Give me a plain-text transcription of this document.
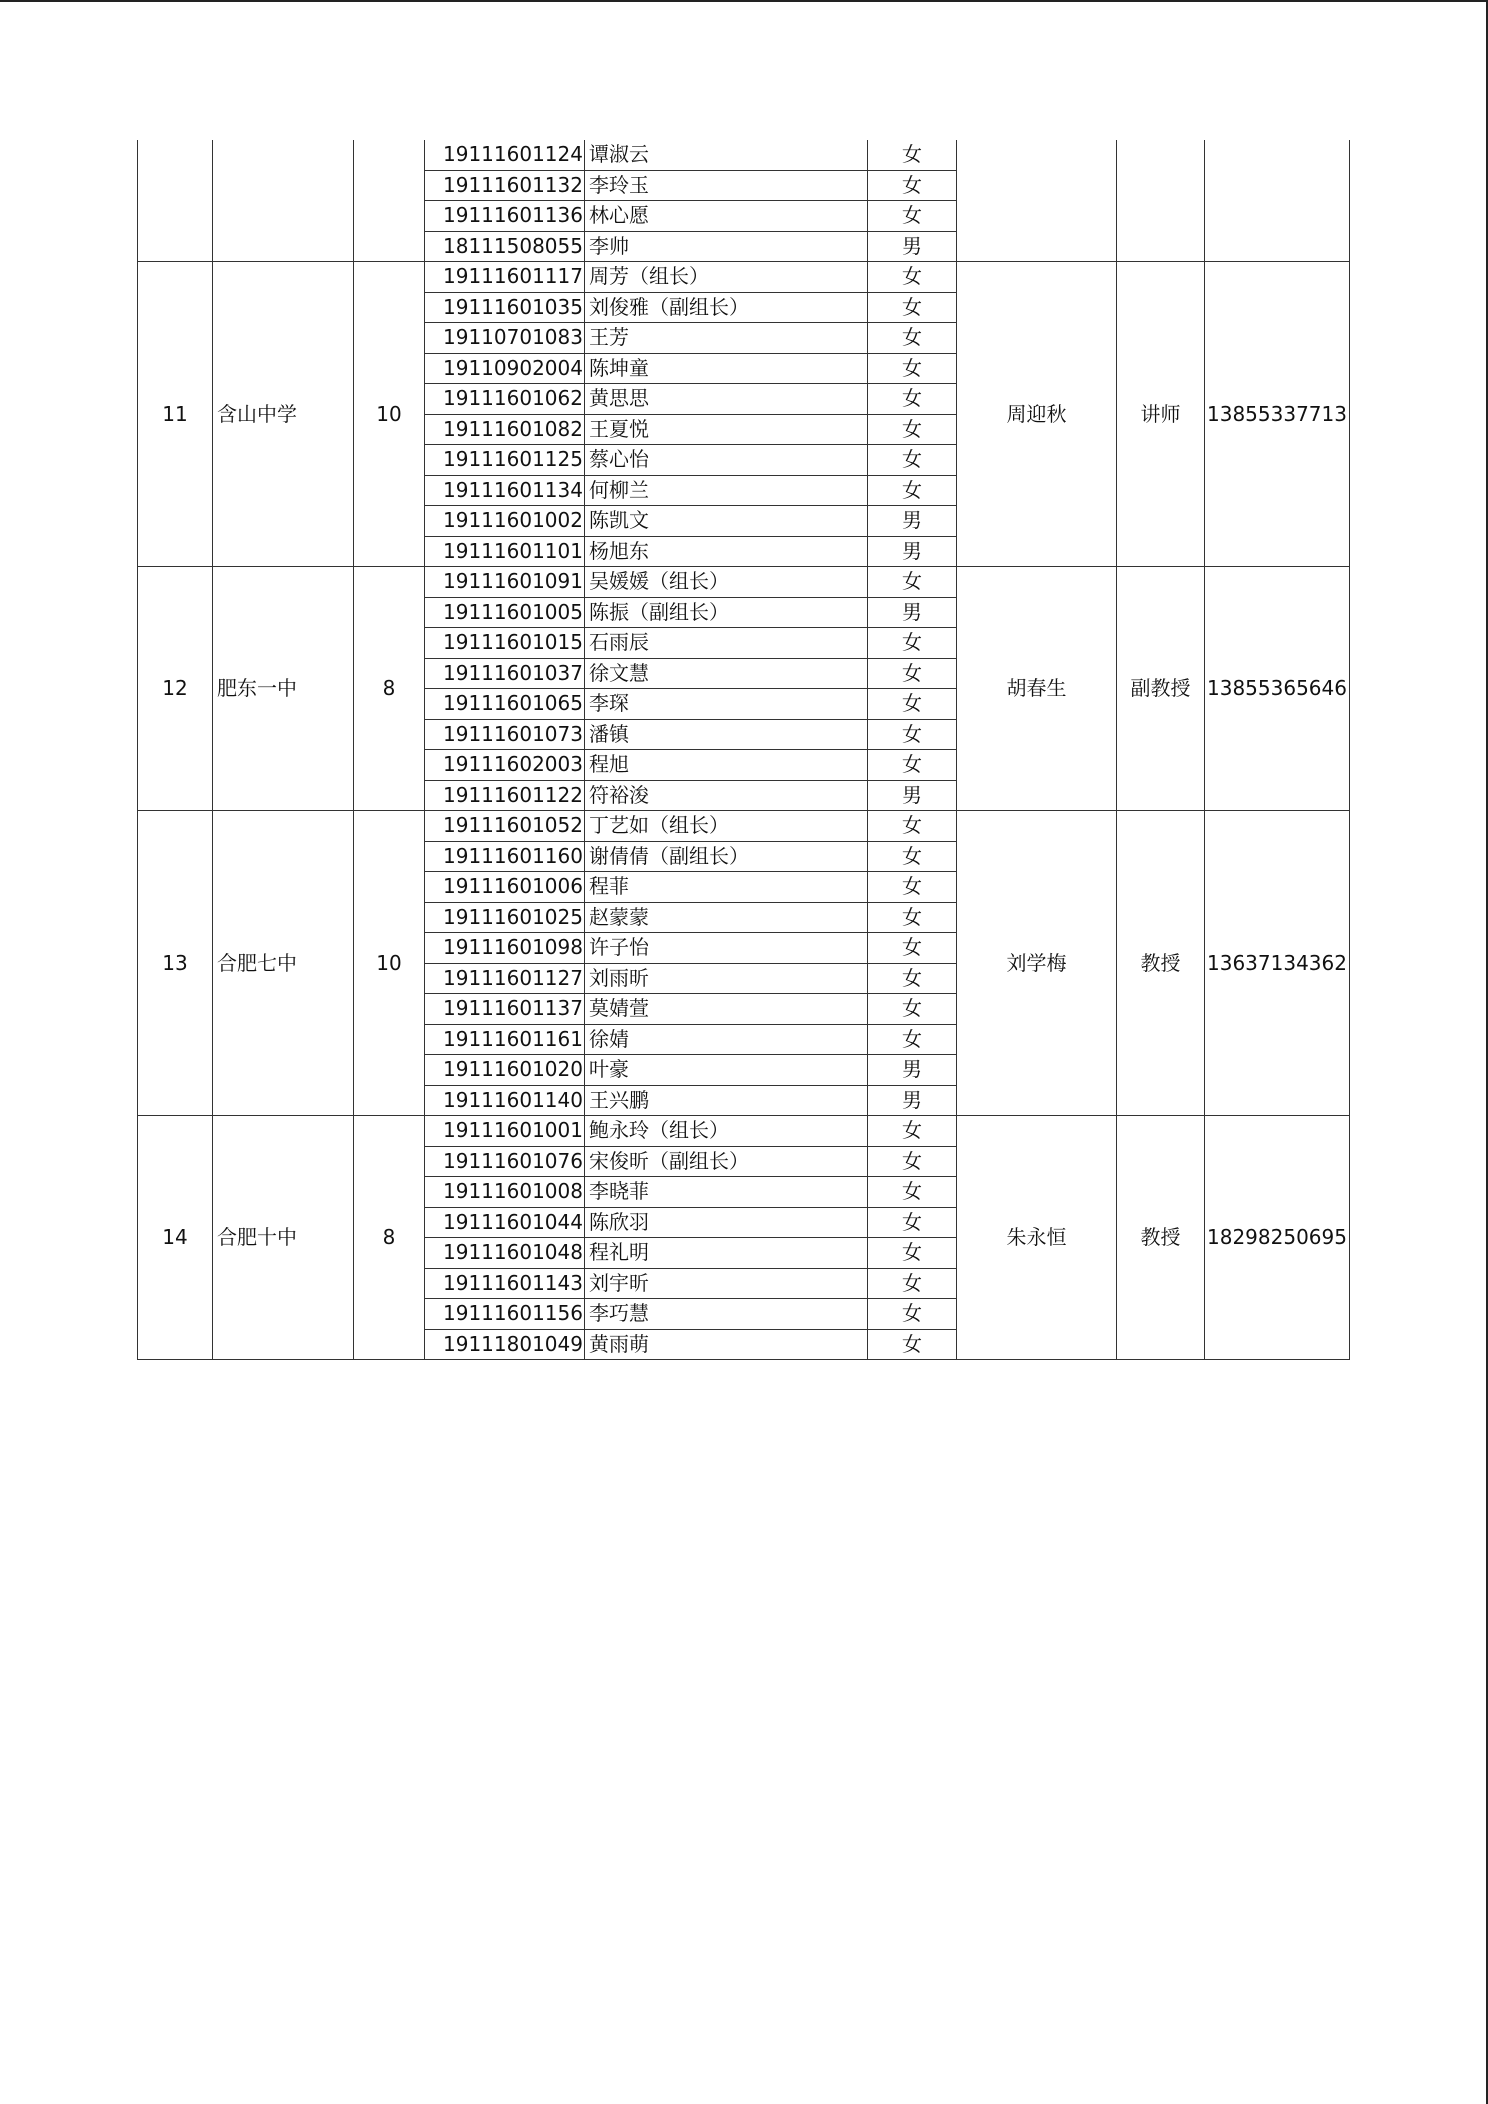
			19111601124	谭淑云	女			
			19111601132	李玲玉	女			
			19111601136	林心愿	女			
			18111508055	李帅	男			
11	含山中学	10	19111601117	周芳（组长）	女	周迎秋	讲师	13855337713
			19111601035	刘俊雅（副组长）	女			
			19110701083	王芳	女			
			19110902004	陈坤童	女			
			19111601062	黄思思	女			
			19111601082	王夏悦	女			
			19111601125	蔡心怡	女			
			19111601134	何柳兰	女			
			19111601002	陈凯文	男			
			19111601101	杨旭东	男			
12	肥东一中	8	19111601091	吴媛媛（组长）	女	胡春生	副教授	13855365646
			19111601005	陈振（副组长）	男			
			19111601015	石雨辰	女			
			19111601037	徐文慧	女			
			19111601065	李琛	女			
			19111601073	潘镇	女			
			19111602003	程旭	女			
			19111601122	符裕浚	男			
13	合肥七中	10	19111601052	丁艺如（组长）	女	刘学梅	教授	13637134362
			19111601160	谢倩倩（副组长）	女			
			19111601006	程菲	女			
			19111601025	赵蒙蒙	女			
			19111601098	许子怡	女			
			19111601127	刘雨昕	女			
			19111601137	莫婧萱	女			
			19111601161	徐婧	女			
			19111601020	叶豪	男			
			19111601140	王兴鹏	男			
14	合肥十中	8	19111601001	鲍永玲（组长）	女	朱永恒	教授	18298250695
			19111601076	宋俊昕（副组长）	女			
			19111601008	李晓菲	女			
			19111601044	陈欣羽	女			
			19111601048	程礼明	女			
			19111601143	刘宇昕	女			
			19111601156	李巧慧	女			
			19111801049	黄雨萌	女			
